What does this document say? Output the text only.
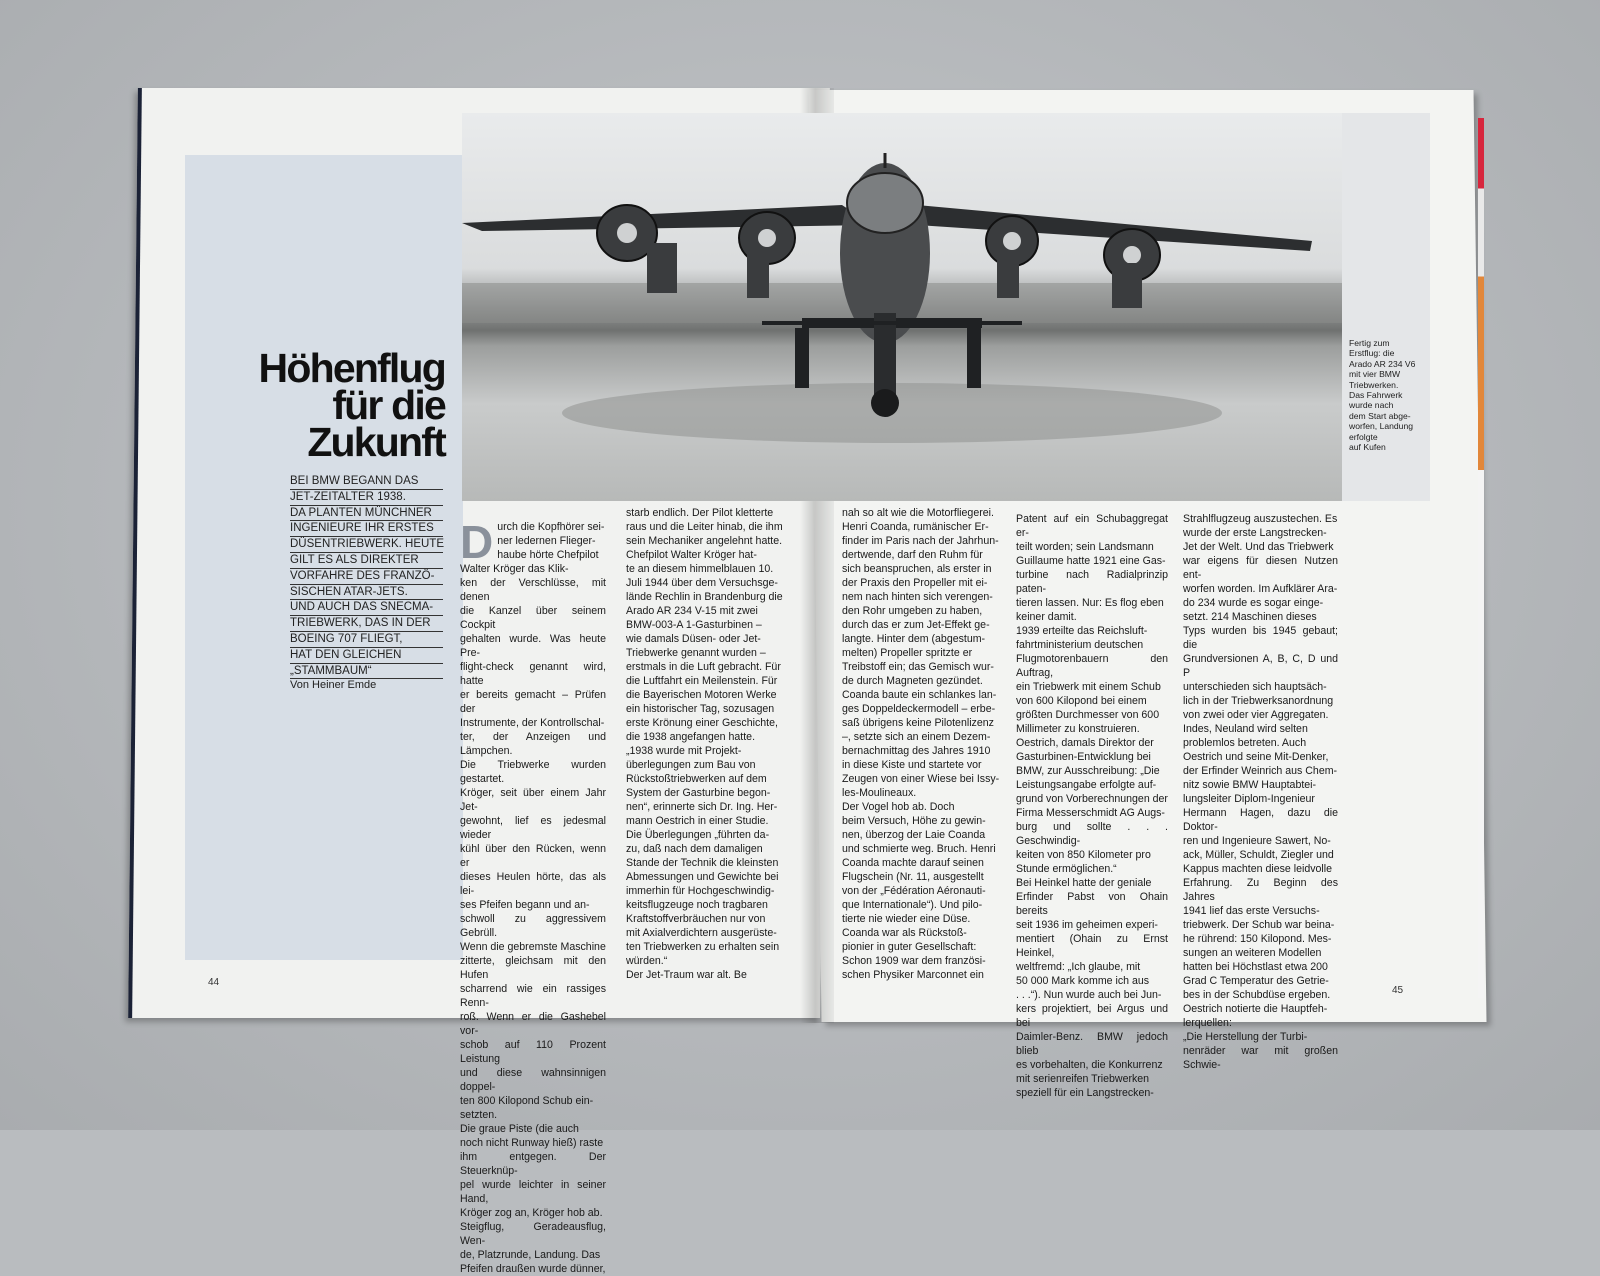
Höhenflug
für die
Zukunft
BEI BMW BEGANN DAS
JET-ZEITALTER 1938.
DA PLANTEN MÜNCHNER
INGENIEURE IHR ERSTES
DÜSENTRIEBWERK. HEUTE
GILT ES ALS DIREKTER
VORFAHRE DES FRANZÖ-
SISCHEN ATAR-JETS.
UND AUCH DAS SNECMA-
TRIEBWERK, DAS IN DER
BOEING 707 FLIEGT,
HAT DEN GLEICHEN
„STAMMBAUM“
Von Heiner Emde

Durch die Kopfhörer sei-
ner ledernen Flieger-
haube hörte Chefpilot
Walter Kröger das Klik-
ken der Verschlüsse, mit denen
die Kanzel über seinem Cockpit
gehalten wurde. Was heute Pre-
flight-check genannt wird, hatte
er bereits gemacht – Prüfen der
Instrumente, der Kontrollschal-
ter, der Anzeigen und Lämpchen.
Die Triebwerke wurden gestartet.
Kröger, seit über einem Jahr Jet-
gewohnt, lief es jedesmal wieder
kühl über den Rücken, wenn er
dieses Heulen hörte, das als lei-
ses Pfeifen begann und an-
schwoll zu aggressivem Gebrüll.
Wenn die gebremste Maschine
zitterte, gleichsam mit den Hufen
scharrend wie ein rassiges Renn-
roß. Wenn er die Gashebel vor-
schob auf 110 Prozent Leistung
und diese wahnsinnigen doppel-
ten 800 Kilopond Schub ein-
setzten.
Die graue Piste (die auch
noch nicht Runway hieß) raste
ihm entgegen. Der Steuerknüp-
pel wurde leichter in seiner Hand,
Kröger zog an, Kröger hob ab.
Steigflug, Geradeausflug, Wen-
de, Platzrunde, Landung. Das
Pfeifen draußen wurde dünner,

starb endlich. Der Pilot kletterte
raus und die Leiter hinab, die ihm
sein Mechaniker angelehnt hatte.
Chefpilot Walter Kröger hat-
te an diesem himmelblauen 10.
Juli 1944 über dem Versuchsge-
lände Rechlin in Brandenburg die
Arado AR 234 V-15 mit zwei
BMW-003-A 1-Gasturbinen –
wie damals Düsen- oder Jet-
Triebwerke genannt wurden –
erstmals in die Luft gebracht. Für
die Luftfahrt ein Meilenstein. Für
die Bayerischen Motoren Werke
ein historischer Tag, sozusagen
erste Krönung einer Geschichte,
die 1938 angefangen hatte.
„1938 wurde mit Projekt-
überlegungen zum Bau von
Rückstoßtriebwerken auf dem
System der Gasturbine begon-
nen“, erinnerte sich Dr. Ing. Her-
mann Oestrich in einer Studie.
Die Überlegungen „führten da-
zu, daß nach dem damaligen
Stande der Technik die kleinsten
Abmessungen und Gewichte bei
immerhin für Hochgeschwindig-
keitsflugzeuge noch tragbaren
Kraftstoffverbräuchen nur von
mit Axialverdichtern ausgerüste-
ten Triebwerken zu erhalten sein
würden.“
Der Jet-Traum war alt. Be
nah so alt wie die Motorfliegerei.
Henri Coanda, rumänischer Er-
finder im Paris nach der Jahrhun-
dertwende, darf den Ruhm für
sich beanspruchen, als erster in
der Praxis den Propeller mit ei-
nem nach hinten sich verengen-
den Rohr umgeben zu haben,
durch das er zum Jet-Effekt ge-
langte. Hinter dem (abgestum-
melten) Propeller spritzte er
Treibstoff ein; das Gemisch wur-
de durch Magneten gezündet.
Coanda baute ein schlankes lan-
ges Doppeldeckermodell – erbe-
saß übrigens keine Pilotenlizenz
–, setzte sich an einem Dezem-
bernachmittag des Jahres 1910
in diese Kiste und startete vor
Zeugen von einer Wiese bei Issy-
les-Moulineaux.
Der Vogel hob ab. Doch
beim Versuch, Höhe zu gewin-
nen, überzog der Laie Coanda
und schmierte weg. Bruch. Henri
Coanda machte darauf seinen
Flugschein (Nr. 11, ausgestellt
von der „Fédération Aéronauti-
que Internationale“). Und pilo-
tierte nie wieder eine Düse.
Coanda war als Rückstoß-
pionier in guter Gesellschaft:
Schon 1909 war dem französi-
schen Physiker Marconnet ein
Patent auf ein Schubaggregat er-
teilt worden; sein Landsmann
Guillaume hatte 1921 eine Gas-
turbine nach Radialprinzip paten-
tieren lassen. Nur: Es flog eben
keiner damit.
1939 erteilte das Reichsluft-
fahrtministerium deutschen
Flugmotorenbauern den Auftrag,
ein Triebwerk mit einem Schub
von 600 Kilopond bei einem
größten Durchmesser von 600
Millimeter zu konstruieren.
Oestrich, damals Direktor der
Gasturbinen-Entwicklung bei
BMW, zur Ausschreibung: „Die
Leistungsangabe erfolgte auf-
grund von Vorberechnungen der
Firma Messerschmidt AG Augs-
burg und sollte . . . Geschwindig-
keiten von 850 Kilometer pro
Stunde ermöglichen.“
Bei Heinkel hatte der geniale
Erfinder Pabst von Ohain bereits
seit 1936 im geheimen experi-
mentiert (Ohain zu Ernst Heinkel,
weltfremd: „Ich glaube, mit
50 000 Mark komme ich aus
. . .“). Nun wurde auch bei Jun-
kers projektiert, bei Argus und bei
Daimler-Benz. BMW jedoch blieb
es vorbehalten, die Konkurrenz
mit serienreifen Triebwerken
speziell für ein Langstrecken-
Strahlflugzeug auszustechen. Es
wurde der erste Langstrecken-
Jet der Welt. Und das Triebwerk
war eigens für diesen Nutzen ent-
worfen worden. Im Aufklärer Ara-
do 234 wurde es sogar einge-
setzt. 214 Maschinen dieses
Typs wurden bis 1945 gebaut; die
Grundversionen A, B, C, D und P
unterschieden sich hauptsäch-
lich in der Triebwerksanordnung
von zwei oder vier Aggregaten.
Indes, Neuland wird selten
problemlos betreten. Auch
Oestrich und seine Mit-Denker,
der Erfinder Weinrich aus Chem-
nitz sowie BMW Hauptabtei-
lungsleiter Diplom-Ingenieur
Hermann Hagen, dazu die Doktor-
ren und Ingenieure Sawert, No-
ack, Müller, Schuldt, Ziegler und
Kappus machten diese leidvolle
Erfahrung. Zu Beginn des Jahres
1941 lief das erste Versuchs-
triebwerk. Der Schub war beina-
he rührend: 150 Kilopond. Mes-
sungen an weiteren Modellen
hatten bei Höchstlast etwa 200
Grad C Temperatur des Getrie-
bes in der Schubdüse ergeben.
Oestrich notierte die Hauptfeh-
lerquellen:
„Die Herstellung der Turbi-
nenräder war mit großen Schwie-
Fertig zum
Erstflug: die
Arado AR 234 V6
mit vier BMW
Triebwerken.
Das Fahrwerk
wurde nach
dem Start abge-
worfen, Landung
erfolgte
auf Kufen
44
45
